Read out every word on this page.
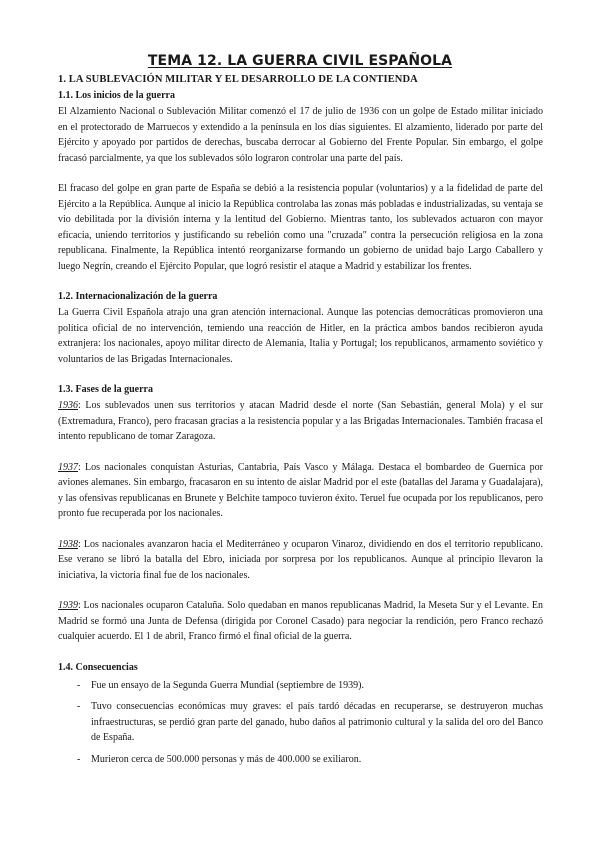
TEMA 12. LA GUERRA CIVIL ESPAÑOLA
1. LA SUBLEVACIÓN MILITAR Y EL DESARROLLO DE LA CONTIENDA
1.1. Los inicios de la guerra

El Alzamiento Nacional o Sublevación Militar comenzó el 17 de julio de 1936 con un golpe de Estado militar iniciado en el protectorado de Marruecos y extendido a la península en los días siguientes. El alzamiento, liderado por parte del Ejército y apoyado por partidos de derechas, buscaba derrocar al Gobierno del Frente Popular. Sin embargo, el golpe fracasó parcialmente, ya que los sublevados sólo lograron controlar una parte del país.

El fracaso del golpe en gran parte de España se debió a la resistencia popular (voluntarios) y a la fidelidad de parte del Ejército a la República. Aunque al inicio la República controlaba las zonas más pobladas e industrializadas, su ventaja se vio debilitada por la división interna y la lentitud del Gobierno. Mientras tanto, los sublevados actuaron con mayor eficacia, uniendo territorios y justificando su rebelión como una "cruzada" contra la persecución religiosa en la zona republicana. Finalmente, la República intentó reorganizarse formando un gobierno de unidad bajo Largo Caballero y luego Negrín, creando el Ejército Popular, que logró resistir el ataque a Madrid y estabilizar los frentes.

1.2. Internacionalización de la guerra

La Guerra Civil Española atrajo una gran atención internacional. Aunque las potencias democráticas promovieron una política oficial de no intervención, temiendo una reacción de Hitler, en la práctica ambos bandos recibieron ayuda extranjera: los nacionales, apoyo militar directo de Alemania, Italia y Portugal; los republicanos, armamento soviético y voluntarios de las Brigadas Internacionales.

1.3. Fases de la guerra

1936: Los sublevados unen sus territorios y atacan Madrid desde el norte (San Sebastián, general Mola) y el sur (Extremadura, Franco), pero fracasan gracias a la resistencia popular y a las Brigadas Internacionales. También fracasa el intento republicano de tomar Zaragoza.

1937: Los nacionales conquistan Asturias, Cantabria, País Vasco y Málaga. Destaca el bombardeo de Guernica por aviones alemanes. Sin embargo, fracasaron en su intento de aislar Madrid por el este (batallas del Jarama y Guadalajara), y las ofensivas republicanas en Brunete y Belchite tampoco tuvieron éxito. Teruel fue ocupada por los republicanos, pero pronto fue recuperada por los nacionales.

1938: Los nacionales avanzaron hacia el Mediterráneo y ocuparon Vinaroz, dividiendo en dos el territorio republicano. Ese verano se libró la batalla del Ebro, iniciada por sorpresa por los republicanos. Aunque al principio llevaron la iniciativa, la victoria final fue de los nacionales.

1939: Los nacionales ocuparon Cataluña. Solo quedaban en manos republicanas Madrid, la Meseta Sur y el Levante. En Madrid se formó una Junta de Defensa (dirigida por Coronel Casado) para negociar la rendición, pero Franco rechazó cualquier acuerdo. El 1 de abril, Franco firmó el final oficial de la guerra.

1.4. Consecuencias
- Fue un ensayo de la Segunda Guerra Mundial (septiembre de 1939).
- Tuvo consecuencias económicas muy graves: el país tardó décadas en recuperarse, se destruyeron muchas infraestructuras, se perdió gran parte del ganado, hubo daños al patrimonio cultural y la salida del oro del Banco de España.
- Murieron cerca de 500.000 personas y más de 400.000 se exiliaron.
